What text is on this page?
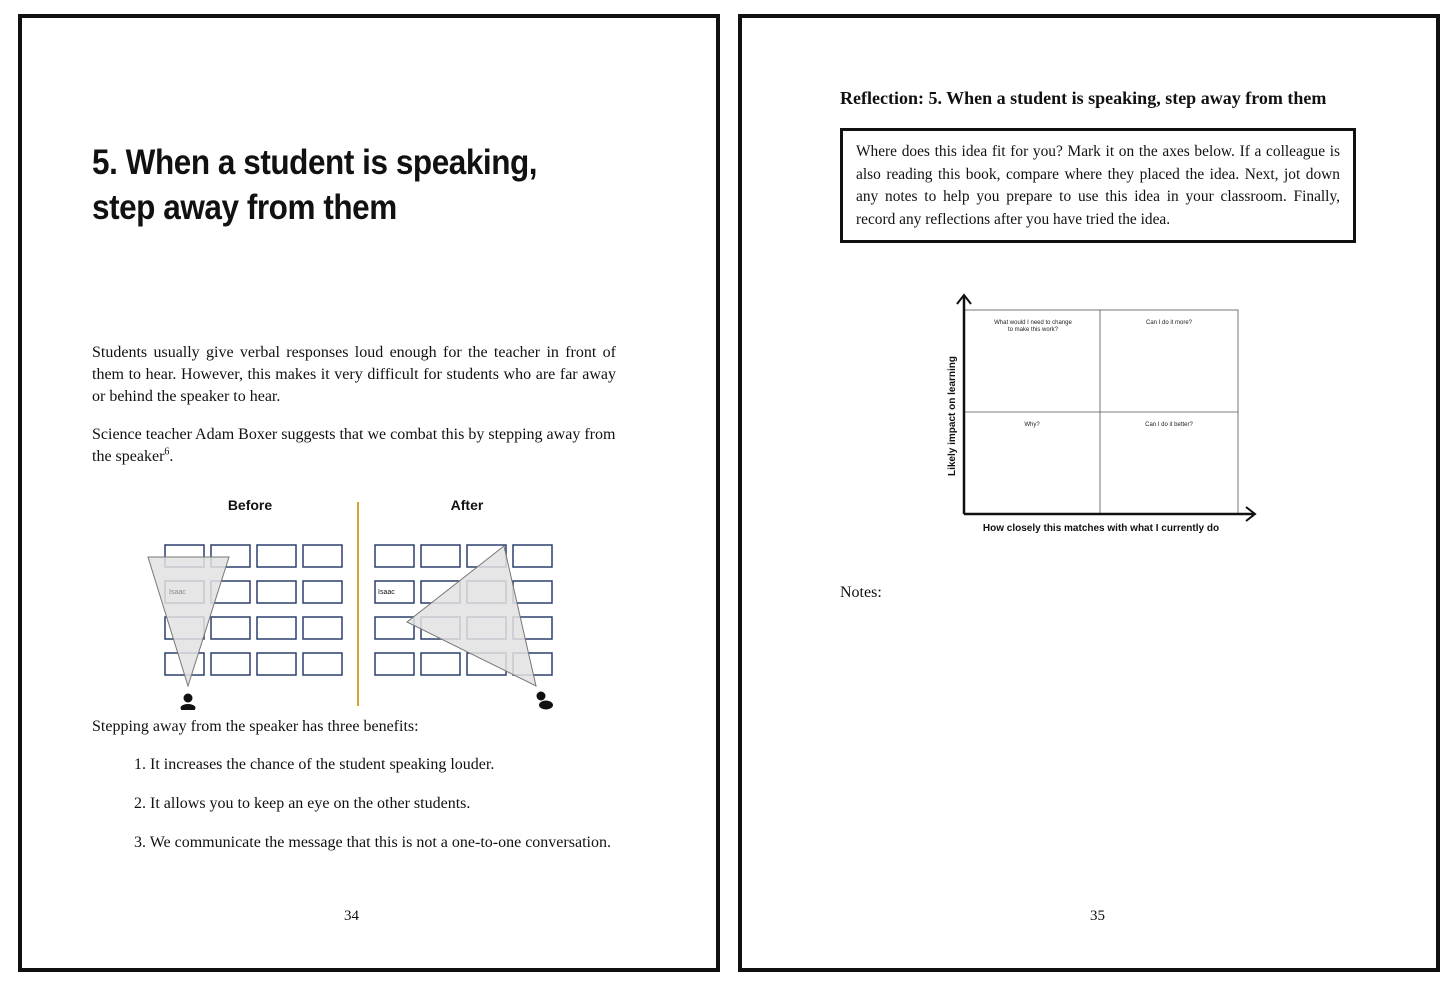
5. When a student is speaking, step away from them

Students usually give verbal responses loud enough for the teacher in front of them to hear. However, this makes it very difficult for students who are far away or behind the speaker to hear.

Science teacher Adam Boxer suggests that we combat this by stepping away from the speaker$^6$.

Before	After
Isaac	Isaac

Stepping away from the speaker has three benefits:

1. It increases the chance of the student speaking louder.
2. It allows you to keep an eye on the other students.
3. We communicate the message that this is not a one-to-one conversation.
34
Reflection: 5. When a student is speaking, step away from them
Where does this idea fit for you? Mark it on the axes below. If a colleague is also reading this book, compare where they placed the idea. Next, jot down any notes to help you prepare to use this idea in your classroom. Finally, record any reflections after you have tried the idea.
Likely impact on learning
How closely this matches with what I currently do
What would I need to change
to make this work?
Can I do it more?
Why?	Can I do it better?
Notes:
35
